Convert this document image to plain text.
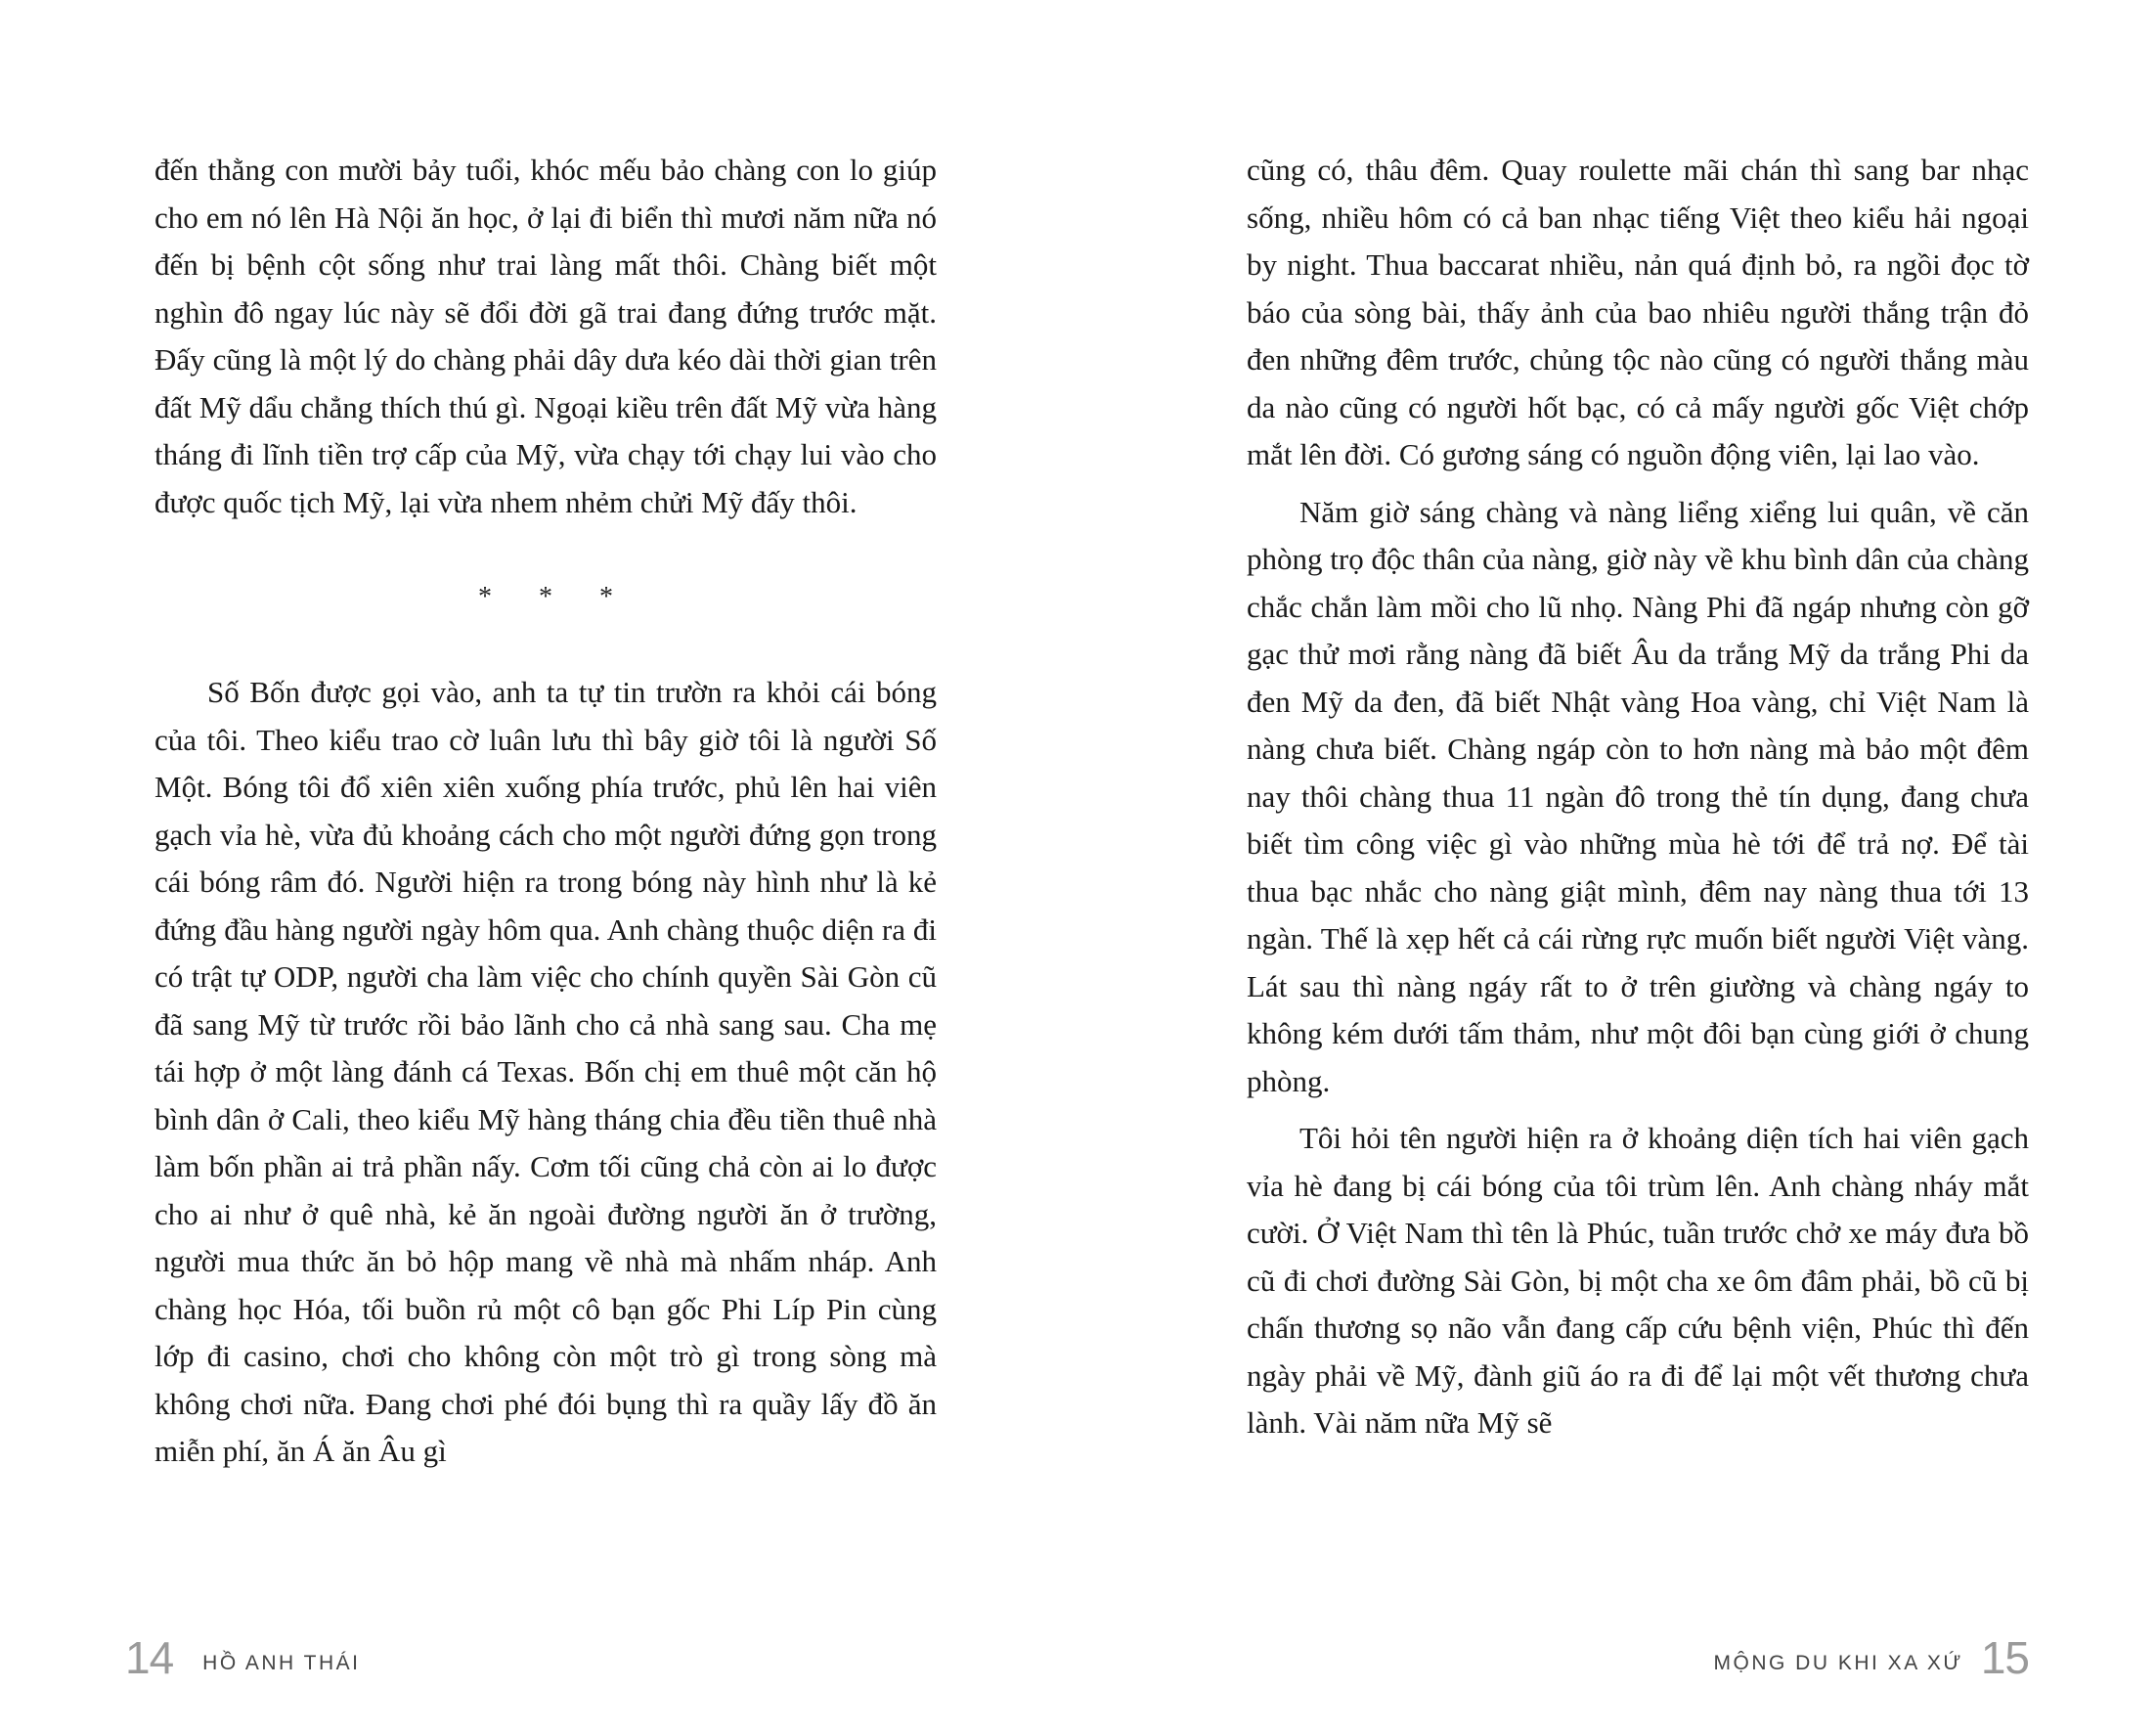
đến thằng con mười bảy tuổi, khóc mếu bảo chàng con lo giúp cho em nó lên Hà Nội ăn học, ở lại đi biển thì mươi năm nữa nó đến bị bệnh cột sống như trai làng mất thôi. Chàng biết một nghìn đô ngay lúc này sẽ đổi đời gã trai đang đứng trước mặt. Đấy cũng là một lý do chàng phải dây dưa kéo dài thời gian trên đất Mỹ dẩu chẳng thích thú gì. Ngoại kiều trên đất Mỹ vừa hàng tháng đi lĩnh tiền trợ cấp của Mỹ, vừa chạy tới chạy lui vào cho được quốc tịch Mỹ, lại vừa nhem nhẻm chửi Mỹ đấy thôi.

* * *

Số Bốn được gọi vào, anh ta tự tin trườn ra khỏi cái bóng của tôi. Theo kiểu trao cờ luân lưu thì bây giờ tôi là người Số Một. Bóng tôi đổ xiên xiên xuống phía trước, phủ lên hai viên gạch vỉa hè, vừa đủ khoảng cách cho một người đứng gọn trong cái bóng râm đó. Người hiện ra trong bóng này hình như là kẻ đứng đầu hàng người ngày hôm qua. Anh chàng thuộc diện ra đi có trật tự ODP, người cha làm việc cho chính quyền Sài Gòn cũ đã sang Mỹ từ trước rồi bảo lãnh cho cả nhà sang sau. Cha mẹ tái hợp ở một làng đánh cá Texas. Bốn chị em thuê một căn hộ bình dân ở Cali, theo kiểu Mỹ hàng tháng chia đều tiền thuê nhà làm bốn phần ai trả phần nấy. Cơm tối cũng chả còn ai lo được cho ai như ở quê nhà, kẻ ăn ngoài đường người ăn ở trường, người mua thức ăn bỏ hộp mang về nhà mà nhấm nháp. Anh chàng học Hóa, tối buồn rủ một cô bạn gốc Phi Líp Pin cùng lớp đi casino, chơi cho không còn một trò gì trong sòng mà không chơi nữa. Đang chơi phé đói bụng thì ra quầy lấy đồ ăn miễn phí, ăn Á ăn Âu gì

14 HỒ ANH THÁI

cũng có, thâu đêm. Quay roulette mãi chán thì sang bar nhạc sống, nhiều hôm có cả ban nhạc tiếng Việt theo kiểu hải ngoại by night. Thua baccarat nhiều, nản quá định bỏ, ra ngồi đọc tờ báo của sòng bài, thấy ảnh của bao nhiêu người thắng trận đỏ đen những đêm trước, chủng tộc nào cũng có người thắng màu da nào cũng có người hốt bạc, có cả mấy người gốc Việt chớp mắt lên đời. Có gương sáng có nguồn động viên, lại lao vào.

Năm giờ sáng chàng và nàng liểng xiểng lui quân, về căn phòng trọ độc thân của nàng, giờ này về khu bình dân của chàng chắc chắn làm mồi cho lũ nhọ. Nàng Phi đã ngáp nhưng còn gỡ gạc thử mơi rằng nàng đã biết Âu da trắng Mỹ da trắng Phi da đen Mỹ da đen, đã biết Nhật vàng Hoa vàng, chỉ Việt Nam là nàng chưa biết. Chàng ngáp còn to hơn nàng mà bảo một đêm nay thôi chàng thua 11 ngàn đô trong thẻ tín dụng, đang chưa biết tìm công việc gì vào những mùa hè tới để trả nợ. Để tài thua bạc nhắc cho nàng giật mình, đêm nay nàng thua tới 13 ngàn. Thế là xẹp hết cả cái rừng rực muốn biết người Việt vàng. Lát sau thì nàng ngáy rất to ở trên giường và chàng ngáy to không kém dưới tấm thảm, như một đôi bạn cùng giới ở chung phòng.

Tôi hỏi tên người hiện ra ở khoảng diện tích hai viên gạch vỉa hè đang bị cái bóng của tôi trùm lên. Anh chàng nháy mắt cười. Ở Việt Nam thì tên là Phúc, tuần trước chở xe máy đưa bồ cũ đi chơi đường Sài Gòn, bị một cha xe ôm đâm phải, bồ cũ bị chấn thương sọ não vẫn đang cấp cứu bệnh viện, Phúc thì đến ngày phải về Mỹ, đành giũ áo ra đi để lại một vết thương chưa lành. Vài năm nữa Mỹ sẽ

MỘNG DU KHI XA XỨ 15
